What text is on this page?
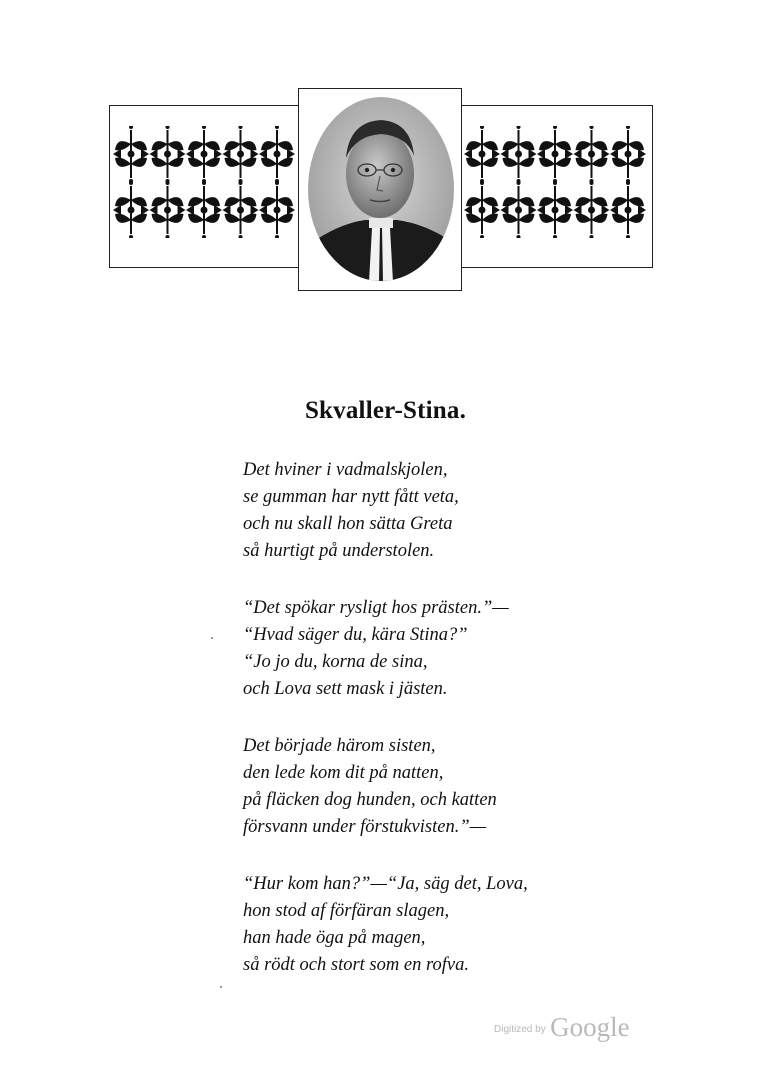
Skvaller-Stina.
Det hviner i vadmalskjolen,
se gumman har nytt fått veta,
och nu skall hon sätta Greta
så hurtigt på understolen.
“Det spökar rysligt hos prästen.”—
“Hvad säger du, kära Stina?”
“Jo jo du, korna de sina,
och Lova sett mask i jästen.
Det började härom sisten,
den lede kom dit på natten,
på fläcken dog hunden, och katten
försvann under förstukvisten.”—
“Hur kom han?”—“Ja, säg det, Lova,
hon stod af förfäran slagen,
han hade öga på magen,
så rödt och stort som en rofva.
$^{Digitized by}$ Google
